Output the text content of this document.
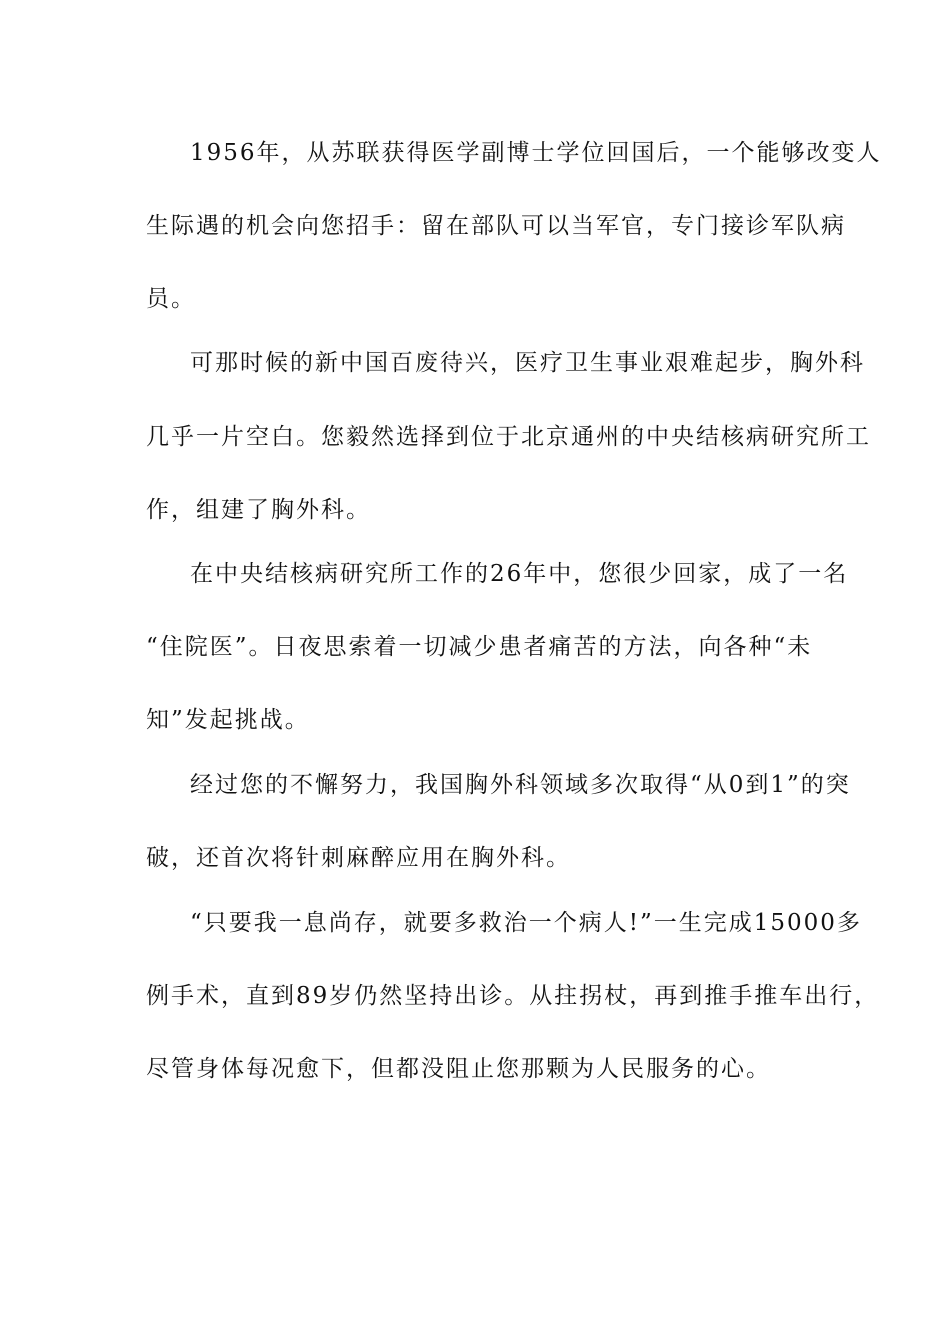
1956年，从苏联获得医学副博士学位回国后，一个能够改变人
生际遇的机会向您招手：留在部队可以当军官，专门接诊军队病
员。
可那时候的新中国百废待兴，医疗卫生事业艰难起步，胸外科
几乎一片空白。您毅然选择到位于北京通州的中央结核病研究所工
作，组建了胸外科。
在中央结核病研究所工作的26年中，您很少回家，成了一名
“住院医”。日夜思索着一切减少患者痛苦的方法，向各种“未
知”发起挑战。
经过您的不懈努力，我国胸外科领域多次取得“从0到1”的突
破，还首次将针刺麻醉应用在胸外科。
“只要我一息尚存，就要多救治一个病人!”一生完成15000多
例手术，直到89岁仍然坚持出诊。从拄拐杖，再到推手推车出行，
尽管身体每况愈下，但都没阻止您那颗为人民服务的心。
